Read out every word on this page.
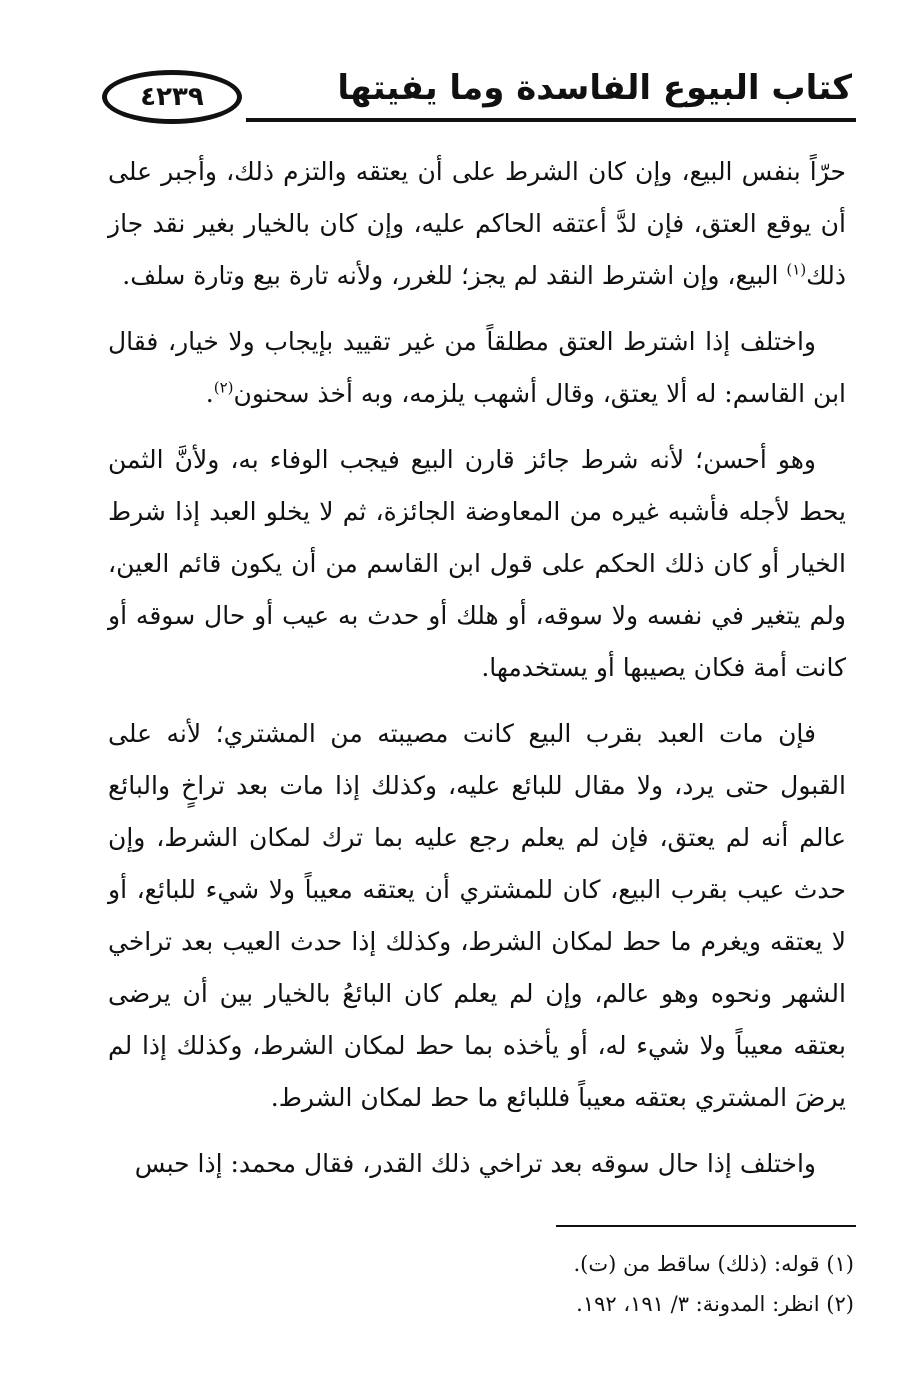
كتاب البيوع الفاسدة وما يفيتها
٤٢٣٩

حرّاً بنفس البيع، وإن كان الشرط على أن يعتقه والتزم ذلك، وأجبر على أن يوقع العتق، فإن لدَّ أعتقه الحاكم عليه، وإن كان بالخيار بغير نقد جاز ذلك$^{(١)}$ البيع، وإن اشترط النقد لم يجز؛ للغرر، ولأنه تارة بيع وتارة سلف.

واختلف إذا اشترط العتق مطلقاً من غير تقييد بإيجاب ولا خيار، فقال ابن القاسم: له ألا يعتق، وقال أشهب يلزمه، وبه أخذ سحنون$^{(٢)}$.

وهو أحسن؛ لأنه شرط جائز قارن البيع فيجب الوفاء به، ولأنَّ الثمن يحط لأجله فأشبه غيره من المعاوضة الجائزة، ثم لا يخلو العبد إذا شرط الخيار أو كان ذلك الحكم على قول ابن القاسم من أن يكون قائم العين، ولم يتغير في نفسه ولا سوقه، أو هلك أو حدث به عيب أو حال سوقه أو كانت أمة فكان يصيبها أو يستخدمها.

فإن مات العبد بقرب البيع كانت مصيبته من المشتري؛ لأنه على القبول حتى يرد، ولا مقال للبائع عليه، وكذلك إذا مات بعد تراخٍ والبائع عالم أنه لم يعتق، فإن لم يعلم رجع عليه بما ترك لمكان الشرط، وإن حدث عيب بقرب البيع، كان للمشتري أن يعتقه معيباً ولا شيء للبائع، أو لا يعتقه ويغرم ما حط لمكان الشرط، وكذلك إذا حدث العيب بعد تراخي الشهر ونحوه وهو عالم، وإن لم يعلم كان البائعُ بالخيار بين أن يرضى بعتقه معيباً ولا شيء له، أو يأخذه بما حط لمكان الشرط، وكذلك إذا لم يرضَ المشتري بعتقه معيباً فللبائع ما حط لمكان الشرط.

واختلف إذا حال سوقه بعد تراخي ذلك القدر، فقال محمد: إذا حبس

(١) قوله: (ذلك) ساقط من (ت).

(٢) انظر: المدونة: ٣/ ١٩١، ١٩٢.
